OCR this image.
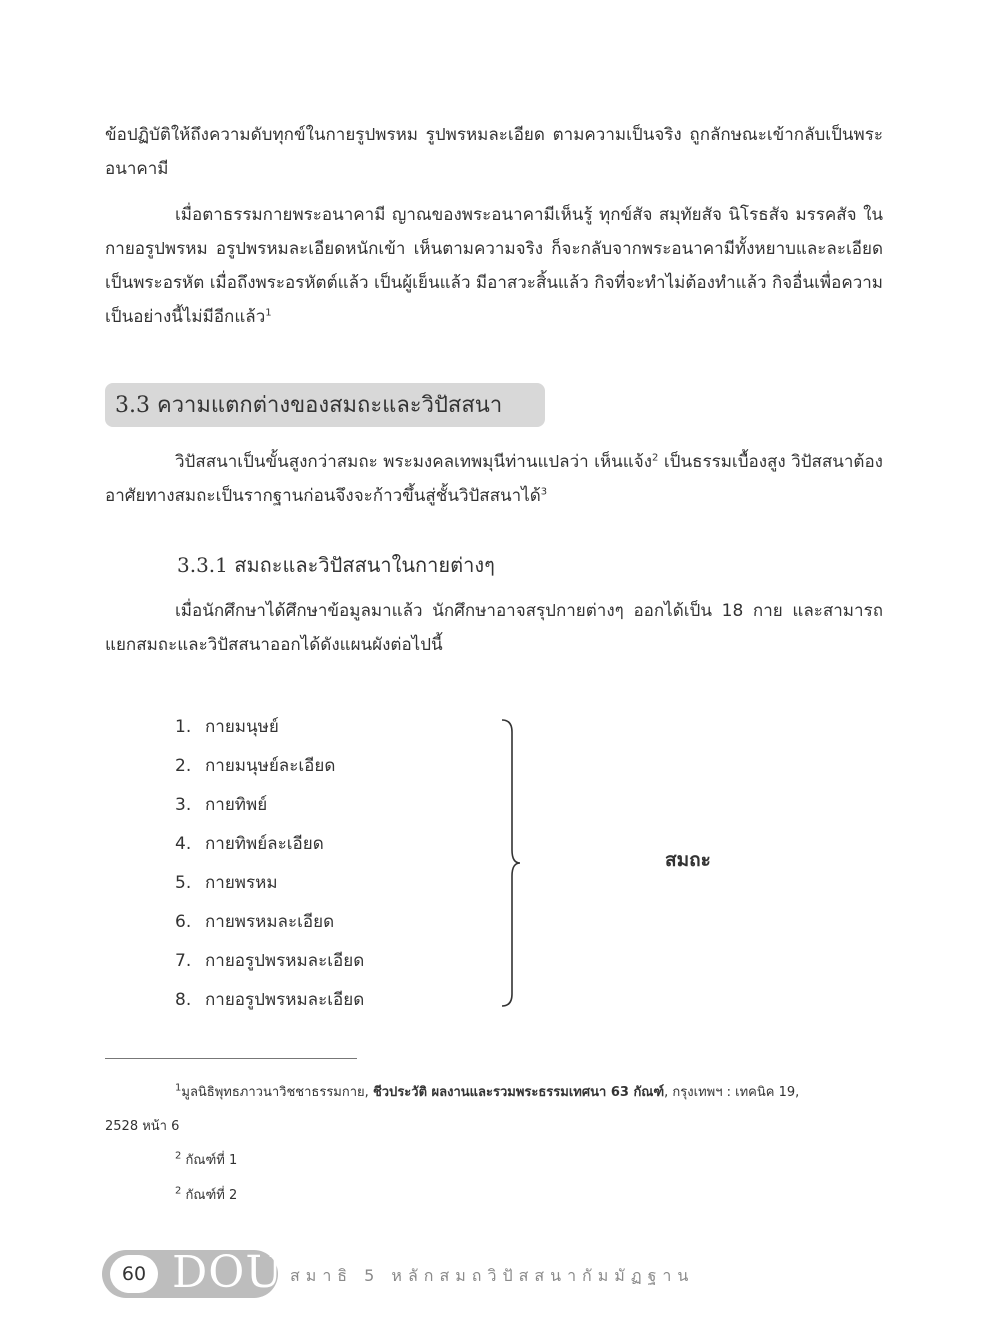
ข้อปฏิบัติให้ถึงความดับทุกข์ในกายรูปพรหม รูปพรหมละเอียด ตามความเป็นจริง ถูกลักษณะเข้ากลับเป็นพระอนาคามี
เมื่อตาธรรมกายพระอนาคามี ญาณของพระอนาคามีเห็นรู้ ทุกข์สัจ สมุทัยสัจ นิโรธสัจ มรรคสัจ ในกายอรูปพรหม อรูปพรหมละเอียดหนักเข้า เห็นตามความจริง ก็จะกลับจากพระอนาคามีทั้งหยาบและละเอียดเป็นพระอรหัต เมื่อถึงพระอรหัตต์แล้ว เป็นผู้เย็นแล้ว มีอาสวะสิ้นแล้ว กิจที่จะทำไม่ต้องทำแล้ว กิจอื่นเพื่อความเป็นอย่างนี้ไม่มีอีกแล้ว$^1$
3.3 ความแตกต่างของสมถะและวิปัสสนา
วิปัสสนาเป็นขั้นสูงกว่าสมถะ พระมงคลเทพมุนีท่านแปลว่า เห็นแจ้ง$^2$ เป็นธรรมเบื้องสูง วิปัสสนาต้องอาศัยทางสมถะเป็นรากฐานก่อนจึงจะก้าวขึ้นสู่ชั้นวิปัสสนาได้$^3$
3.3.1 สมถะและวิปัสสนาในกายต่างๆ
เมื่อนักศึกษาได้ศึกษาข้อมูลมาแล้ว นักศึกษาอาจสรุปกายต่างๆ ออกได้เป็น 18 กาย และสามารถแยกสมถะและวิปัสสนาออกได้ดังแผนผังต่อไปนี้
1. กายมนุษย์
2. กายมนุษย์ละเอียด
3. กายทิพย์
4. กายทิพย์ละเอียด
5. กายพรหม
6. กายพรหมละเอียด
7. กายอรูปพรหมละเอียด
8. กายอรูปพรหมละเอียด
สมถะ
$^1$มูลนิธิพุทธภาวนาวิชชาธรรมกาย, ชีวประวัติ ผลงานและรวมพระธรรมเทศนา 63 กัณฑ์, กรุงเทพฯ : เทคนิค 19,
2528 หน้า 6
$^2$ กัณฑ์ที่ 1
$^2$ กัณฑ์ที่ 2
60 DOU สมาธิ 5 หลักสมถวิปัสสนากัมมัฏฐาน
